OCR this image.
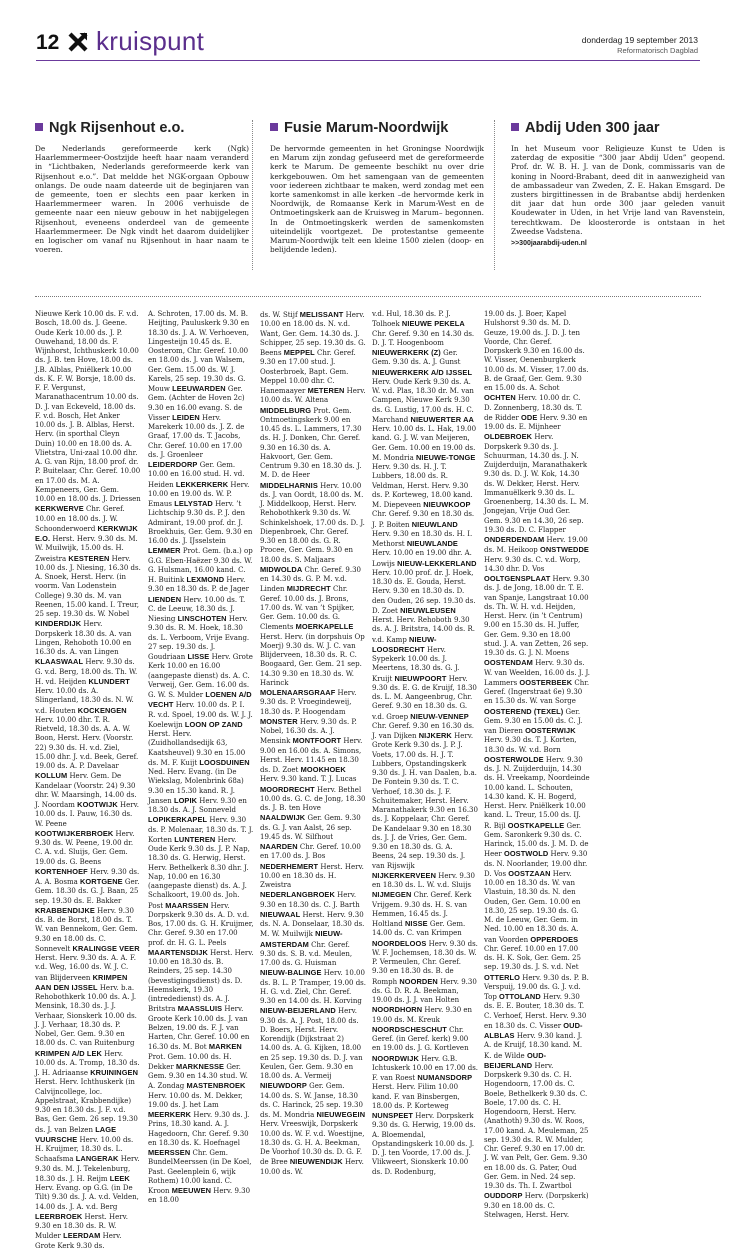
12 kruispunt	donderdag 19 september 2013
Reformatorisch Dagblad
Ngk Rijsenhout e.o.

De Nederlands gereformeerde kerk (Ngk) Haarlemmermeer-Oostzijde heeft haar naam veranderd in “Lichtbaken, Nederlands gereformeerde kerk van Rijsenhout e.o.”. Dat meldde het NGK-orgaan Opbouw onlangs. De oude naam dateerde uit de beginjaren van de gemeente, toen er slechts een paar kerken in Haarlemmermeer waren. In 2006 verhuisde de gemeente naar een nieuw gebouw in het nabijgelegen Rijsenhout, eveneens onderdeel van de gemeente Haarlemmermeer. De Ngk vindt het daarom duidelijker en logischer om vanaf nu Rijsenhout in haar naam te voeren.

Fusie Marum-Noordwijk

De hervormde gemeenten in het Groningse Noordwijk en Marum zijn zondag gefuseerd met de gereformeerde kerk te Marum. De gemeente beschikt nu over drie kerkgebouwen. Om het samengaan van de gemeenten voor iedereen zichtbaar te maken, werd zondag met een korte samenkomst in alle kerken –de hervormde kerk in Noordwijk, de Romaanse Kerk in Marum-West en de Ontmoetingskerk aan de Kruisweg in Marum– begonnen. In de Ontmoetingskerk werden de samenkomsten uiteindelijk voortgezet. De protestantse gemeente Marum-Noordwijk telt een kleine 1500 zielen (doop- en belijdende leden).

Abdij Uden 300 jaar

In het Museum voor Religieuze Kunst te Uden is zaterdag de expositie “300 jaar Abdij Uden” geopend. Prof. dr. W. B. H. J. van de Donk, commissaris van de koning in Noord-Brabant, deed dit in aanwezigheid van de ambassadeur van Zweden, Z. E. Hakan Emsgard. De zusters birgittinessen in de Brabantse abdij herdenken dit jaar dat hun orde 300 jaar geleden vanuit Koudewater in Uden, in het Vrije land van Ravenstein, terechtkwam. De kloosterorde is ontstaan in het Zweedse Vadstena.

>>300jaarabdij-uden.nl

Nieuwe Kerk 10.00 ds. F. v.d. Bosch, 18.00 ds. J. Geene. Oude Kerk 10.00 ds. J. P. Ouwehand, 18.00 ds. F. Wijnhorst, Ichthuskerk 10.00 ds. J. B. ten Hove, 18.00 ds. J.B. Alblas, Pniëlkerk 10.00 ds. K. F. W. Borsje, 18.00 ds. F. F. Vergunst, Maranathacentrum 10.00 ds. D. J. van Eckeveld, 18.00 ds. F. v.d. Bosch, Het Anker 10.00 ds. J. B. Alblas, Herst. Herv. (in sporthal Cleyn Duin) 10.00 en 18.00 ds. A. Vlietstra, Uni-zaal 10.00 dhr. A. G. van Rijn, 18.00 prof. dr. P. Buitelaar, Chr. Geref. 10.00 en 17.00 ds. M. A. Kempeneers, Ger. Gem. 10.00 en 18.00 ds. J. Driessen KERKWERVE Chr. Geref. 10.00 en 18.00 ds. J. W. Schoonderwoerd KERKWIJK E.O. Herst. Herv. 9.30 ds. M. W. Muilwijk, 15.00 ds. H. Zweistra KESTEREN Herv. 10.00 ds. J. Niesing, 16.30 ds. A. Snoek, Herst. Herv. (in voorm. Van Lodenstein College) 9.30 ds. M. van Reenen, 15.00 kand. I. Treur, 25 sep. 19.30 ds. W. Nobel KINDERDIJK Herv. Dorpskerk 18.30 ds. A. van Lingen, Rehoboth 10.00 en 16.30 ds. A. van Lingen KLAASWAAL Herv. 9.30 ds. G. v.d. Berg, 18.00 ds. Th. W. H. vd. Heijden KLUNDERT Herv. 10.00 ds. A. Slingerland, 18.30 ds. N. W. v.d. Houten KOCKENGEN Herv. 10.00 dhr. T. R. Rietveld, 18.30 ds. A. A. W. Boon, Herst. Herv. (Voorstr. 22) 9.30 ds. H. v.d. Ziel, 15.00 dhr. J. v.d. Beek, Geref. 19.00 ds. A. P. Davelaar KOLLUM Herv. Gem. De Kandelaar (Voorstr. 24) 9.30 dhr. W. Maarsingh, 14.00 ds. J. Noordam KOOTWIJK Herv. 10.00 ds. I. Pauw, 16.30 ds. W. Peene KOOTWIJKERBROEK Herv. 9.30 ds. W. Peene, 19.00 dr. C. A. v.d. Sluijs, Ger. Gem. 19.00 ds. G. Beens KORTENHOEF Herv. 9.30 ds. A. A. Bosma KORTGENE Ger. Gem. 18.30 ds. G. J. Baan, 25 sep. 19.30 ds. E. Bakker KRABBENDIJKE Herv. 9.30 ds. B. de Borst, 18.00 ds. T. W. van Bennekom, Ger. Gem. 9.30 en 18.00 ds. C. Sonnevelt KRALINGSE VEER Herst. Herv. 9.30 ds. A. A. F. v.d. Weg, 16.00 ds. W. J. C. van Blijderveen KRIMPEN AAN DEN IJSSEL Herv. b.a. Rehobothkerk 10.00 ds. A. J. Mensink, 18.30 ds. J. J. Verhaar, Sionskerk 10.00 ds. J. J. Verhaar, 18.30 ds. P. Nobel, Ger. Gem. 9.30 en 18.00 ds. C. van Ruitenburg KRIMPEN A/D LEK Herv. 10.00 ds. A. Tromp, 18.30 ds. J. H. Adriaanse KRUININGEN Herst. Herv. Ichthuskerk (in Calvijncollege, loc. Appelstraat, Krabbendijke) 9.30 en 18.30 ds. J. F. v.d. Bas, Ger. Gem. 26 sep. 19.30 ds. J. van Belzen LAGE VUURSCHE Herv. 10.00 ds. H. Kruijmer, 18.30 ds. L. Schaafsma LANGERAK Herv. 9.30 ds. M. J. Tekelenburg, 18.30 ds. J. H. Reijm LEEK Herv. Evang. op G.G. (in De Tilt) 9.30 ds. J. A. v.d. Velden, 14.00 ds. J. A. v.d. Berg LEERBROEK Herst. Herv. 9.30 en 18.30 ds. R. W. Mulder LEERDAM Herv. Grote Kerk 9.30 ds.

A. Schroten, 17.00 ds. M. B. Heijting, Pauluskerk 9.30 en 18.30 ds. J. A. W. Verhoeven, Lingesteijn 10.45 ds. E. Oosterom, Chr. Geref. 10.00 en 18.00 ds. J. van Walsem, Ger. Gem. 15.00 ds. W. J. Karels, 25 sep. 19.30 ds. G. Mouw LEEUWARDEN Ger. Gem. (Achter de Hoven 2c) 9.30 en 16.00 evang. S. de Visser LEIDEN Herv. Marekerk 10.00 ds. J. Z. de Graaf, 17.00 ds. T. Jacobs, Chr. Geref. 10.00 en 17.00 ds. J. Groenleer LEIDERDORP Ger. Gem. 10.00 en 16.00 stud. H. vd. Heiden LEKKERKERK Herv. 10.00 en 19.00 ds. W. P. Emaus LELYSTAD Herv. ’t Lichtschip 9.30 ds. P. J. den Admirant, 19.00 prof. dr. J. Broekhuis, Ger. Gem. 9.30 en 16.00 ds. J. IJsselstein LEMMER Prot. Gem. (b.a.) op G.G. Eben-Haëzer 9.30 ds. W. G. Hulsman, 16.00 kand. C. H. Buitink LEXMOND Herv. 9.30 en 18.30 ds. P. de Jager LIENDEN Herv. 10.00 ds. T. C. de Leeuw, 18.30 ds. J. Niesing LINSCHOTEN Herv. 9.30 ds. R. M. Hoek, 18.30 ds. L. Verboom, Vrije Evang. 27 sep. 19.30 ds. J. Goudriaan LISSE Herv. Grote Kerk 10.00 en 16.00 (aangepaste dienst) ds. A. C. Verweij, Ger. Gem. 16.00 ds. G. W. S. Mulder LOENEN A/D VECHT Herv. 10.00 ds. P. I. R. v.d. Spoel, 19.00 ds. W. J. J. Koelewijn LOON OP ZAND Herst. Herv. (Zuidhollandsedijk 63, Kaatsheuvel) 9.30 en 15.00 ds. M. F. Kuijt LOOSDUINEN Ned. Herv. Evang. (in De Wiekslag, Molenbrink 68a) 9.30 en 15.30 kand. R. J. Jansen LOPIK Herv. 9.30 en 18.30 ds. A. J. Sonneveld LOPIKERKAPEL Herv. 9.30 ds. P. Molenaar, 18.30 ds. T. J. Korten LUNTEREN Herv. Oude Kerk 9.30 ds. J. P. Nap, 18.30 ds. G. Herwig, Herst. Herv. Bethelkerk 8.30 dhr. J. Nap, 10.00 en 16.30 (aangepaste dienst) ds. A. J. Schalkoort, 19.00 ds. Joh. Post MAARSSEN Herv. Dorpskerk 9.30 ds. A. D. v.d. Bos, 17.00 ds. G. H. Kruijmer, Chr. Geref. 9.30 en 17.00 prof. dr. H. G. L. Peels MAARTENSDIJK Herst. Herv. 10.00 en 18.30 ds. B. Reinders, 25 sep. 14.30 (bevestigingsdienst) ds. D. Heemskerk, 19.30 (intrededienst) ds. A. J. Britstra MAASSLUIS Herv. Groote Kerk 10.00 ds. J. van Belzen, 19.00 ds. F. J. van Harten, Chr. Geref. 10.00 en 16.30 ds. M. Bot MARKEN Prot. Gem. 10.00 ds. H. Dekker MARKNESSE Ger. Gem. 9.30 en 14.30 stud. W. A. Zondag MASTENBROEK Herv. 10.00 ds. M. Dekker, 19.00 ds. J. het Lam MEERKERK Herv. 9.30 ds. J. Prins, 18.30 kand. A. J. Hagedoorn, Chr. Geref. 9.30 en 18.30 ds. K. Hoefnagel MEERSSEN Chr. Gem. BundelMeerssen (in De Koel, Past. Geelenplein 6, wijk Rothem) 10.00 kand. C. Kroon MEEUWEN Herv. 9.30 en 18.00

ds. W. Stijf MELISSANT Herv. 10.00 en 18.00 ds. N. v.d. Want, Ger. Gem. 14.30 ds. J. Schipper, 25 sep. 19.30 ds. G. Beens MEPPEL Chr. Geref. 9.30 en 17.00 stud. J. Oosterbroek, Bapt. Gem. Meppel 10.00 dhr. C. Hanemaayer METEREN Herv. 10.00 ds. W. Altena MIDDELBURG Prot. Gem. Ontmoetingskerk 9.00 en 10.45 ds. L. Lammers, 17.30 ds. H. J. Donken, Chr. Geref. 9.30 en 16.30 ds. A. Hakvoort, Ger. Gem. Centrum 9.30 en 18.30 ds. J. M. D. de Heer MIDDELHARNIS Herv. 10.00 ds. J. van Oordt, 18.00 ds. M. J. Middelkoop, Herst. Herv. Rehobothkerk 9.30 ds. W. Schinkelshoek, 17.00 ds. D. J. Diepenbroek, Chr. Geref. 9.30 en 18.00 ds. G. R. Procee, Ger. Gem. 9.30 en 18.00 ds. S. Maljaars MIDWOLDA Chr. Geref. 9.30 en 14.30 ds. G. P. M. v.d. Linden MIJDRECHT Chr. Geref. 10.00 ds. J. Brons, 17.00 ds. W. van ’t Spijker, Ger. Gem. 10.00 ds. G. Clements MOERKAPELLE Herst. Herv. (in dorpshuis Op Moerj) 9.30 ds. W. J. C. van Blijderveen, 18.30 ds. R. C. Boogaard, Ger. Gem. 21 sep. 14.30 9.30 en 18.30 ds. W. Harinck MOLENAARSGRAAF Herv. 9.30 ds. P. Vroegindeweij, 18.30 ds. P. Hoogendam MONSTER Herv. 9.30 ds. P. Nobel, 16.30 ds. A. J. Mensink MONTFOORT Herv. 9.00 en 16.00 ds. A. Simons, Herst. Herv. 11.45 en 18.30 ds. D. Zoet MOOKHOEK Herv. 9.30 kand. T. J. Lucas MOORDRECHT Herv. Bethel 10.00 ds. G. C. de Jong, 18.30 ds. J. B. ten Hove NAALDWIJK Ger. Gem. 9.30 ds. G. J. van Aalst, 26 sep. 19.45 ds. W. Silfhout NAARDEN Chr. Geref. 10.00 en 17.00 ds. J. Bos NEDERHEMERT Herst. Herv. 10.00 en 18.30 ds. H. Zweistra NEDERLANGBROEK Herv. 9.30 en 18.30 ds. C. J. Barth NIEUWAAL Herst. Herv. 9.30 ds. N. A. Donselaar, 18.30 ds. M. W. Muilwijk NIEUW-AMSTERDAM Chr. Geref. 9.30 ds. S. B. v.d. Meulen, 17.00 ds. G. Huisman NIEUW-BALINGE Herv. 10.00 ds. B. L. P. Tramper, 19.00 ds. H. G. v.d. Ziel, Chr. Geref. 9.30 en 14.00 ds. H. Korving NIEUW-BEIJERLAND Herv. 9.30 ds. A. J. Post, 18.00 ds. D. Boers, Herst. Herv. Korendijk (Dijkstraat 2) 14.00 ds. A. G. Kijken, 18.00 en 25 sep. 19.30 ds. D. J. van Keulen, Ger. Gem. 9.30 en 18.00 ds. A. Vermeij NIEUWDORP Ger. Gem. 14.00 ds. S. W. Janse, 18.30 ds. C. Harinck, 25 sep. 19.30 ds. M. Mondria NIEUWEGEIN Herv. Vreeswijk, Dorpskerk 10.00 ds. W. F. v.d. Woestijne, 18.30 ds. G. H. A. Beekman, De Voorhof 10.30 ds. D. G. F. de Bree NIEUWENDIJK Herv. 10.00 ds. W.

v.d. Hul, 18.30 ds. P. J. Tolhoek NIEUWE PEKELA Chr. Geref. 9.30 en 14.30 ds. D. J. T. Hoogenboom NIEUWERKERK (Z) Ger. Gem. 9.30 ds. A. J. Gunst NIEUWERKERK A/D IJSSEL Herv. Oude Kerk 9.30 ds. A. W. v.d. Plas, 18.30 dr. M. van Campen, Nieuwe Kerk 9.30 ds. G. Lustig, 17.00 ds. H. C. Marchand NIEUWERTER AA Herv. 10.00 ds. L. Hak, 19.00 kand. G. J. W. van Meijeren, Ger. Gem. 10.00 en 19.00 ds. M. Mondria NIEUWE-TONGE Herv. 9.30 ds. H. J. T. Lubbers, 18.00 ds. R. Veldman, Herst. Herv. 9.30 ds. P. Korteweg, 18.00 kand. M. Diepeveen NIEUWKOOP Chr. Geref. 9.30 en 18.30 ds. J. P. Boiten NIEUWLAND Herv. 9.30 en 18.30 ds. H. I. Methorst NIEUWLANDE Herv. 10.00 en 19.00 dhr. A. Lowijs NIEUW-LEKKERLAND Herv. 10.00 prof. dr. J. Hoek, 18.30 ds. E. Gouda, Herst. Herv. 9.30 en 18.30 ds. D. den Ouden, 26 sep. 19.30 ds. D. Zoet NIEUWLEUSEN Herst. Herv. Rehoboth 9.30 ds. A. J. Britstra, 14.00 ds. R. v.d. Kamp NIEUW-LOOSDRECHT Herv. Sypekerk 10.00 ds. J. Meertens, 18.30 ds. G. J. Kruijt NIEUWPOORT Herv. 9.30 ds. E. G. de Kruijf, 18.30 ds. L. M. Aangeenbrug, Chr. Geref. 9.30 en 18.30 ds. G. v.d. Groep NIEUW-VENNEP Chr. Geref. 9.30 en 16.30 ds. J. van Dijken NIJKERK Herv. Grote Kerk 9.30 ds. J. P. J. Voets, 17.00 ds. H. J. T. Lubbers, Opstandingskerk 9.30 ds. J. H. van Daalen, b.a. De Fontein 9.30 ds. T. C. Verhoef, 18.30 ds. J. F. Schuitemaker, Herst. Herv. Maranathakerk 9.30 en 16.30 ds. J. Koppelaar, Chr. Geref. De Kandelaar 9.30 en 18.30 ds. J. J. de Vries, Ger. Gem. 9.30 en 18.30 ds. G. A. Beens, 24 sep. 19.30 ds. J. van Rijswijk NIJKERKERVEEN Herv. 9.30 en 18.30 ds. L. W. v.d. Sluijs NIJMEGEN Chr. Geref. Kerk Vrijgem. 9.30 ds. H. S. van Hemmen, 16.45 ds. J. Holtland NISSE Ger. Gem. 14.00 ds. C. van Krimpen NOORDELOOS Herv. 9.30 ds. W. F. Jochemsen, 18.30 ds. W. P. Vermeulen, Chr. Geref. 9.30 en 18.30 ds. B. de Romph NOORDEN Herv. 9.30 ds. G. D. R. A. Beekman, 19.00 ds. J. J. van Holten NOORDHORN Herv. 9.30 en 19.00 ds. M. Kreuk NOORDSCHESCHUT Chr. Geref. (in Geref. kerk) 9.00 en 19.00 ds. J. G. Kortleven NOORDWIJK Herv. G.B. Ichtuskerk 10.00 en 17.00 ds. F. van Roest NUMANSDORP Herst. Herv. Filim 10.00 kand. F. van Binsbergen, 18.00 ds. P. Korteweg NUNSPEET Herv. Dorpskerk 9.30 ds. G. Herwig, 19.00 ds. A. Bloemendal, Opstandingskerk 10.00 ds. J. D. J. ten Voorde, 17.00 ds. J. Vlikweert, Sionskerk 10.00 ds. D. Rodenburg,

19.00 ds. J. Boer, Kapel Hulshorst 9.30 ds. M. D. Geuze, 19.00 ds. J. D. J. ten Voorde, Chr. Geref. Dorpskerk 9.30 en 16.00 ds. W. Visser, Oenenburgkerk 10.00 ds. M. Visser, 17.00 ds. B. de Graaf, Ger. Gem. 9.30 en 15.00 ds. A. Schot OCHTEN Herv. 10.00 dr. C. D. Zonnenberg, 18.30 ds. T. de Ridder ODE Herv. 9.30 en 19.00 ds. E. Mijnheer OLDEBROEK Herv. Dorpskerk 9.30 ds. J. Schuurman, 14.30 ds. J. N. Zuijderduijn, Maranathakerk 9.30 ds. D. J. W. Kok, 14.30 ds. W. Dekker, Herst. Herv. Immanuëlkerk 9.30 ds. L. Groenenberg, 14.30 ds. L. M. Jongejan, Vrije Oud Ger. Gem. 9.30 en 14.30, 26 sep. 19.30 ds. D. C. Flapper ONDERDENDAM Herv. 19.00 ds. M. Heikoop ONSTWEDDE Herv. 9.30 ds. C. v.d. Worp, 14.30 dhr. D. Vos OOLTGENSPLAAT Herv. 9.30 ds. J. de Jong, 18.00 dr. T. E. van Spanje, Langstraat 10.00 ds. Th. W. H. v.d. Heijden, Herst. Herv. (in ’t Centrum) 9.00 en 15.30 ds. H. Juffer, Ger. Gem. 9.30 en 18.00 stud. J. A. van Zetten, 26 sep. 19.30 ds. G. J. N. Moens OOSTENDAM Herv. 9.30 ds. W. van Weelden, 16.00 ds. J. J. Lammers OOSTERBEEK Chr. Geref. (Ingerstraat 6e) 9.30 en 15.30 ds. W. van Sorge OOSTEREND (TEXEL) Ger. Gem. 9.30 en 15.00 ds. C. J. van Dieren OOSTERWIJK Herv. 9.30 ds. T. J. Korten, 18.30 ds. W. v.d. Born OOSTERWOLDE Herv. 9.30 ds. J. N. Zuijderduijn, 14.30 ds. H. Vreekamp, Noordeinde 10.00 kand. L. Schouten, 14.30 kand. K. H. Bogerd, Herst. Herv. Pniëlkerk 10.00 kand. L. Treur, 15.00 ds. IJ. R. Bijl OOSTKAPELLE Ger. Gem. Saronkerk 9.30 ds. C. Harinck, 15.00 ds. J. M. D. de Heer OOSTWOLD Herv. 9.30 ds. N. Noorlander, 19.00 dhr. D. Vos OOSTZAAN Herv. 10.00 en 18.30 ds. W. van Vlastuin, 18.30 ds. N. den Ouden, Ger. Gem. 10.00 en 18.30, 25 sep. 19.30 ds. G. M. de Leeuw, Ger. Gem. in Ned. 10.00 en 18.30 ds. A. van Voorden OPPERDOES Chr. Geref. 10.00 en 17.00 ds. H. K. Sok, Ger. Gem. 25 sep. 19.30 ds. J. S. v.d. Net OTTERLO Herv. 9.30 ds. P. B. Verspuij, 19.00 ds. G. J. v.d. Top OTTOLAND Herv. 9.30 ds. E. E. Bouter, 18.30 ds. T. C. Verhoef, Herst. Herv. 9.30 en 18.30 ds. C. Visser OUD-ALBLAS Herv. 9.30 kand. J. A. de Kruijf, 18.30 kand. M. K. de Wilde OUD-BEIJERLAND Herv. Dorpskerk 9.30 ds. C. H. Hogendoorn, 17.00 ds. C. Boele, Bethelkerk 9.30 ds. C. Boele, 17.00 ds. C. H. Hogendoorn, Herst. Herv. (Anathoth) 9.30 ds. W. Roos, 17.00 kand. A. Meuleman, 25 sep. 19.30 ds. R. W. Mulder, Chr. Geref. 9.30 en 17.00 dr. J. W. van Pelt, Ger. Gem. 9.30 en 18.00 ds. G. Pater, Oud Ger. Gem. in Ned. 24 sep. 19.30 ds. Th. I. Zwartbol OUDDORP Herv. (Dorpskerk) 9.30 en 18.00 ds. C. Stelwagen, Herst. Herv.
